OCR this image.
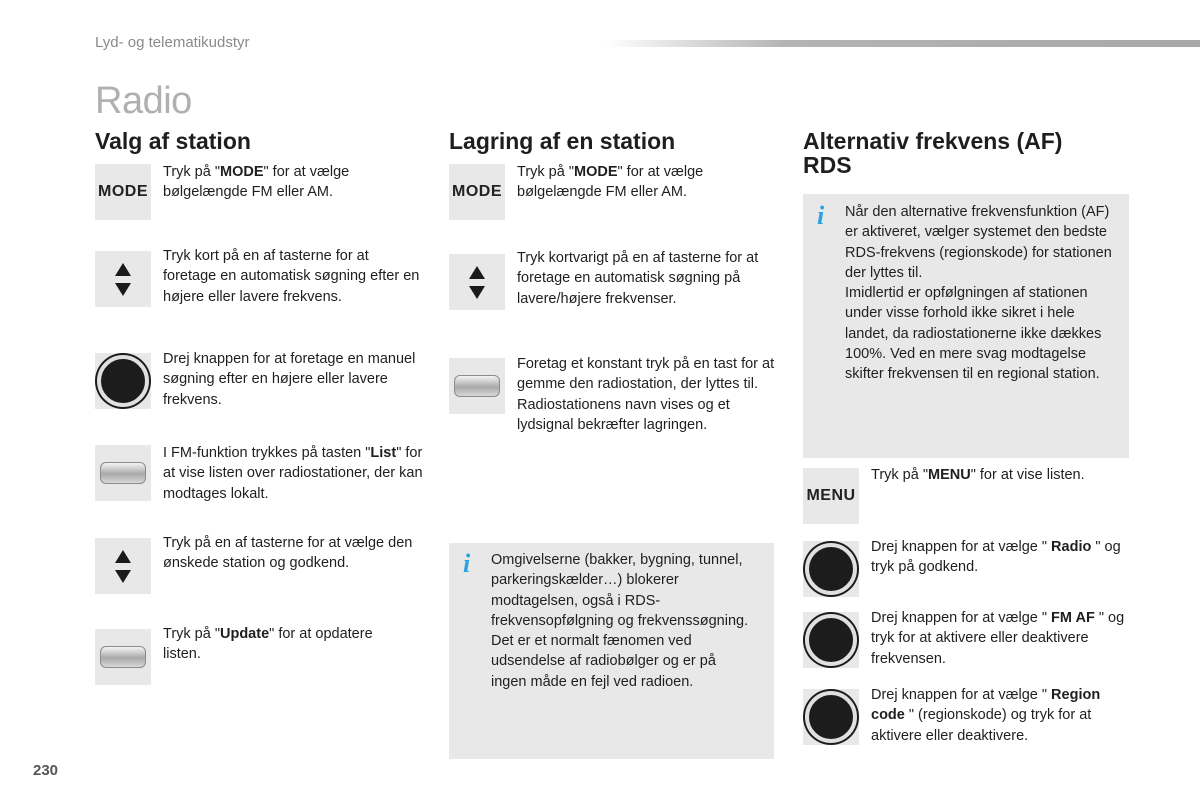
Lyd- og telematikudstyr
Radio
Valg af station
MODE
Tryk på "MODE" for at vælge bølgelængde FM eller AM.
Tryk kort på en af tasterne for at foretage en automatisk søgning efter en højere eller lavere frekvens.
Drej knappen for at foretage en manuel søgning efter en højere eller lavere frekvens.
I FM-funktion trykkes på tasten "List" for at vise listen over radiostationer, der kan modtages lokalt.
Tryk på en af tasterne for at vælge den ønskede station og godkend.
Tryk på "Update" for at opdatere listen.
Lagring af en station
MODE
Tryk på "MODE" for at vælge bølgelængde FM eller AM.
Tryk kortvarigt på en af tasterne for at foretage en automatisk søgning på lavere/højere frekvenser.
Foretag et konstant tryk på en tast for at gemme den radiostation, der lyttes til. Radiostationens navn vises og et lydsignal bekræfter lagringen.
i Omgivelserne (bakker, bygning, tunnel, parkeringskælder…) blokerer modtagelsen, også i RDS-frekvensopfølgning og frekvenssøgning.
Det er et normalt fænomen ved udsendelse af radiobølger og er på ingen måde en fejl ved radioen.
Alternativ frekvens (AF) RDS
i Når den alternative frekvensfunktion (AF) er aktiveret, vælger systemet den bedste RDS-frekvens (regionskode) for stationen der lyttes til.
Imidlertid er opfølgningen af stationen under visse forhold ikke sikret i hele landet, da radiostationerne ikke dækkes 100%. Ved en mere svag modtagelse skifter frekvensen til en regional station.
MENU
Tryk på "MENU" for at vise listen.
Drej knappen for at vælge " Radio " og tryk på godkend.
Drej knappen for at vælge " FM AF " og tryk for at aktivere eller deaktivere frekvensen.
Drej knappen for at vælge " Region code " (regionskode) og tryk for at aktivere eller deaktivere.
230
